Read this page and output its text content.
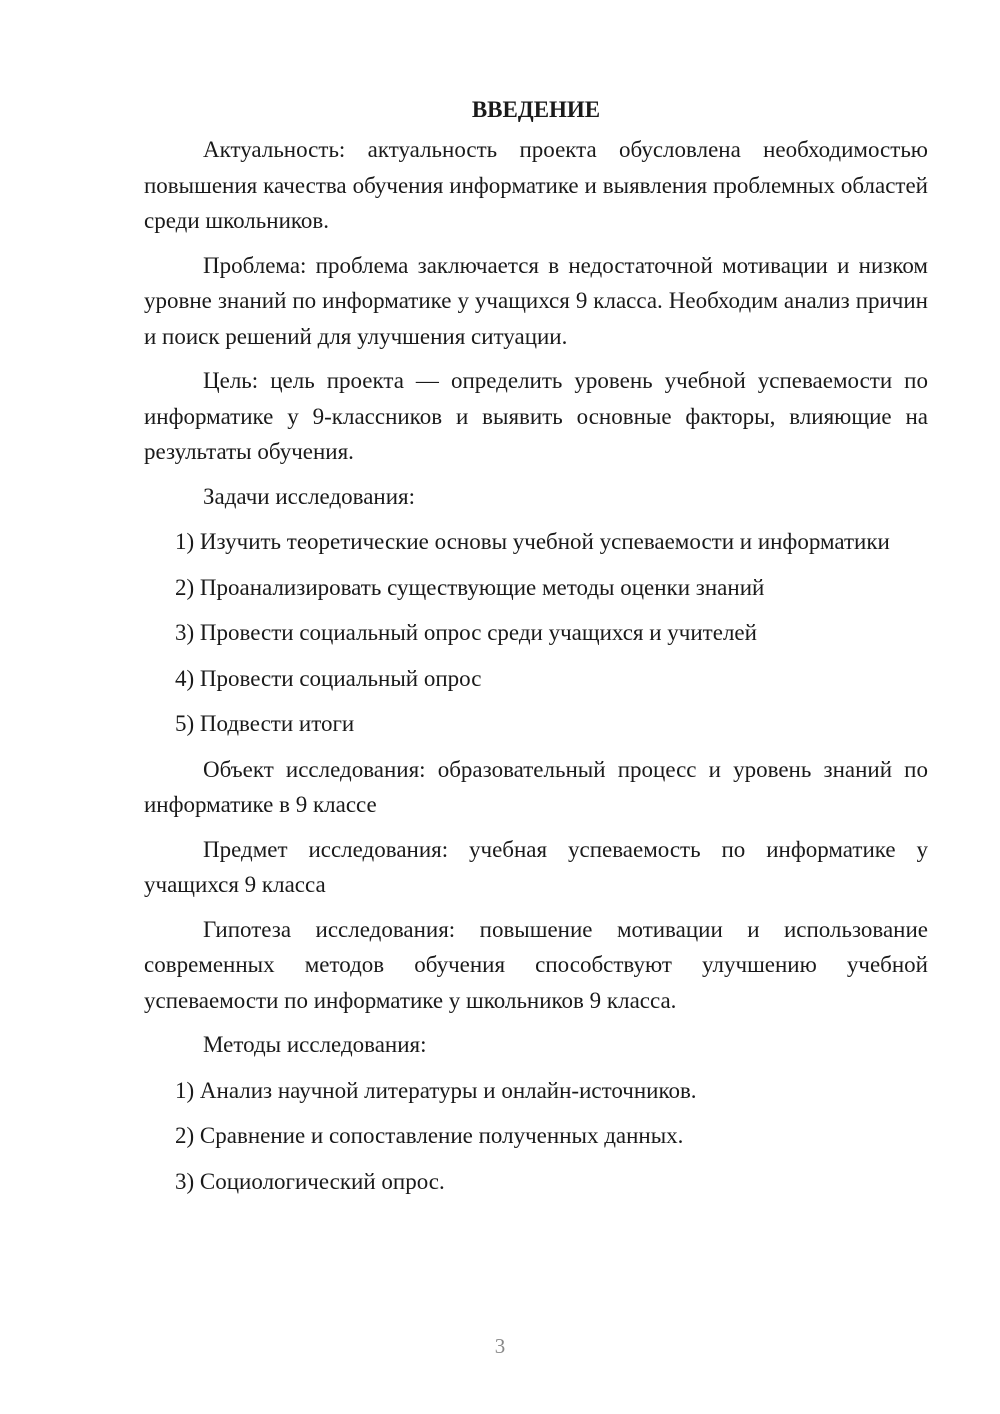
ВВЕДЕНИЕ

Актуальность: актуальность проекта обусловлена необходимостью повышения качества обучения информатике и выявления проблемных областей среди школьников.

Проблема: проблема заключается в недостаточной мотивации и низком уровне знаний по информатике у учащихся 9 класса. Необходим анализ причин и поиск решений для улучшения ситуации.

Цель: цель проекта — определить уровень учебной успеваемости по информатике у 9-классников и выявить основные факторы, влияющие на результаты обучения.

Задачи исследования:

1) Изучить теоретические основы учебной успеваемости и информатики

2) Проанализировать существующие методы оценки знаний

3) Провести социальный опрос среди учащихся и учителей

4) Провести социальный опрос

5) Подвести итоги

Объект исследования: образовательный процесс и уровень знаний по информатике в 9 классе

Предмет исследования: учебная успеваемость по информатике у учащихся 9 класса

Гипотеза исследования: повышение мотивации и использование современных методов обучения способствуют улучшению учебной успеваемости по информатике у школьников 9 класса.

Методы исследования:

1) Анализ научной литературы и онлайн-источников.

2) Сравнение и сопоставление полученных данных.

3) Социологический опрос.

3
